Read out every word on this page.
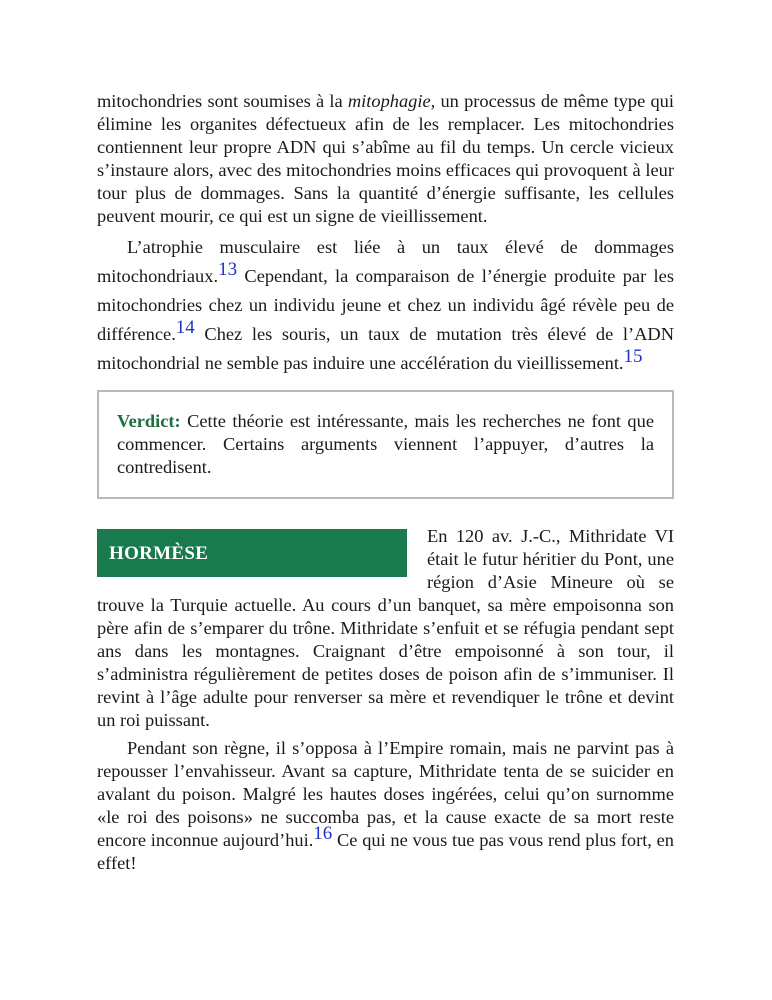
mitochondries sont soumises à la mitophagie, un processus de même type qui élimine les organites défectueux afin de les remplacer. Les mitochondries contiennent leur propre ADN qui s’abîme au fil du temps. Un cercle vicieux s’instaure alors, avec des mitochondries moins efficaces qui provoquent à leur tour plus de dommages. Sans la quantité d’énergie suffisante, les cellules peuvent mourir, ce qui est un signe de vieillissement.

L’atrophie musculaire est liée à un taux élevé de dommages mitochondriaux.13 Cependant, la comparaison de l’énergie produite par les mitochondries chez un individu jeune et chez un individu âgé révèle peu de différence.14 Chez les souris, un taux de mutation très élevé de l’ADN mitochondrial ne semble pas induire une accélération du vieillissement.15

Verdict: Cette théorie est intéressante, mais les recherches ne font que commencer. Certains arguments viennent l’appuyer, d’autres la contredisent.

HORMÈSE

En 120 av. J.-C., Mithridate VI était le futur héritier du Pont, une région d’Asie Mineure où se trouve la Turquie actuelle. Au cours d’un banquet, sa mère empoisonna son père afin de s’emparer du trône. Mithridate s’enfuit et se réfugia pendant sept ans dans les montagnes. Craignant d’être empoisonné à son tour, il s’administra régulièrement de petites doses de poison afin de s’immuniser. Il revint à l’âge adulte pour renverser sa mère et revendiquer le trône et devint un roi puissant.

Pendant son règne, il s’opposa à l’Empire romain, mais ne parvint pas à repousser l’envahisseur. Avant sa capture, Mithridate tenta de se suicider en avalant du poison. Malgré les hautes doses ingérées, celui qu’on surnomme «le roi des poisons» ne succomba pas, et la cause exacte de sa mort reste encore inconnue aujourd’hui.16 Ce qui ne vous tue pas vous rend plus fort, en effet!
